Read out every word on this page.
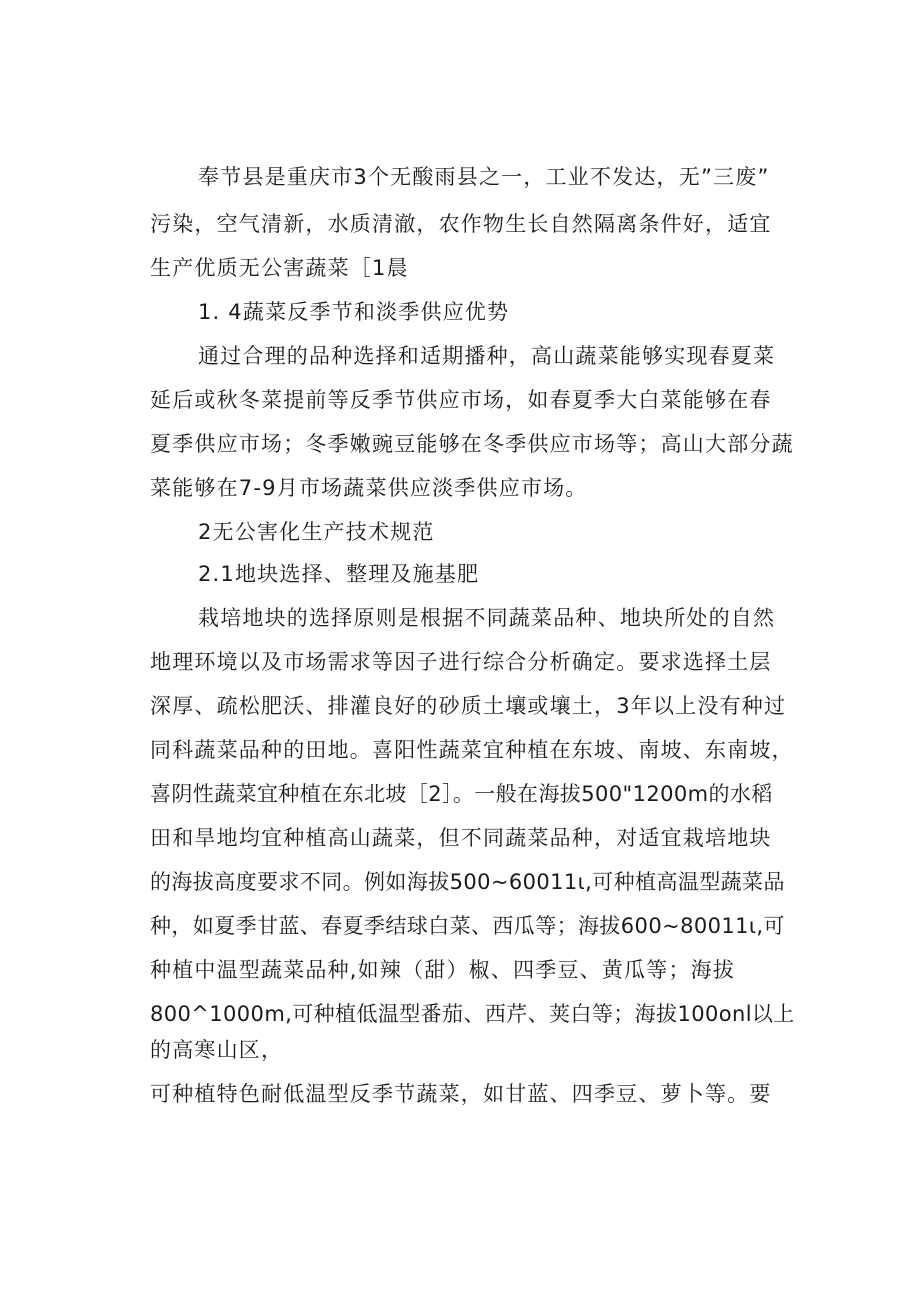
奉节县是重庆市3个无酸雨县之一，工业不发达，无”三废”
污染，空气清新，水质清澈，农作物生长自然隔离条件好，适宜
生产优质无公害蔬菜［1晨
1. 4蔬菜反季节和淡季供应优势
通过合理的品种选择和适期播种，高山蔬菜能够实现春夏菜
延后或秋冬菜提前等反季节供应市场，如春夏季大白菜能够在春
夏季供应市场；冬季嫩豌豆能够在冬季供应市场等；高山大部分蔬
菜能够在7-9月市场蔬菜供应淡季供应市场。
2无公害化生产技术规范
2.1地块选择、整理及施基肥
栽培地块的选择原则是根据不同蔬菜品种、地块所处的自然
地理环境以及市场需求等因子进行综合分析确定。要求选择土层
深厚、疏松肥沃、排灌良好的砂质土壤或壤土，3年以上没有种过
同科蔬菜品种的田地。喜阳性蔬菜宜种植在东坡、南坡、东南坡，
喜阴性蔬菜宜种植在东北坡［2］。一般在海拔500"1200m的水稻
田和旱地均宜种植高山蔬菜，但不同蔬菜品种，对适宜栽培地块
的海拔高度要求不同。例如海拔500~60011ι,可种植高温型蔬菜品
种，如夏季甘蓝、春夏季结球白菜、西瓜等；海拔600~80011ι,可
种植中温型蔬菜品种,如辣（甜）椒、四季豆、黄瓜等；海拔
800^1000m,可种植低温型番茄、西芹、荚白等；海拔100onl以上
的高寒山区，
可种植特色耐低温型反季节蔬菜，如甘蓝、四季豆、萝卜等。要
